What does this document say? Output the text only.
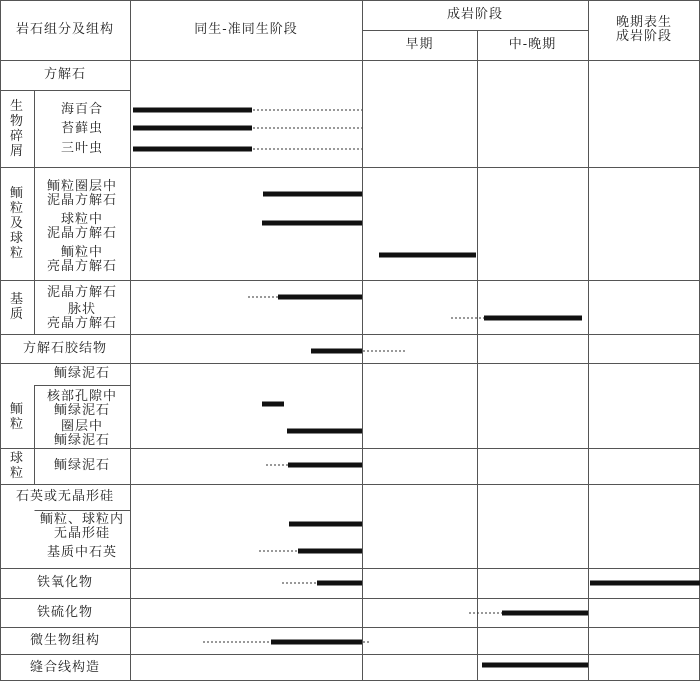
岩石组分及组构	同生-准同生阶段
成岩阶段
早期	中-晚期
晚期表生
成岩阶段
方解石
生物碎屑
鲕粒及球粒
基质
方解石胶结物
鲕绿泥石
鲕粒
球粒
石英或无晶形硅
铁氧化物
铁硫化物
微生物组构
缝合线构造
海百合
苔藓虫
三叶虫
鲕粒圈层中
泥晶方解石
球粒中
泥晶方解石
鲕粒中
亮晶方解石
泥晶方解石
脉状
亮晶方解石
核部孔隙中
鲕绿泥石
圈层中
鲕绿泥石
鲕绿泥石
鲕粒、球粒内
无晶形硅
基质中石英
